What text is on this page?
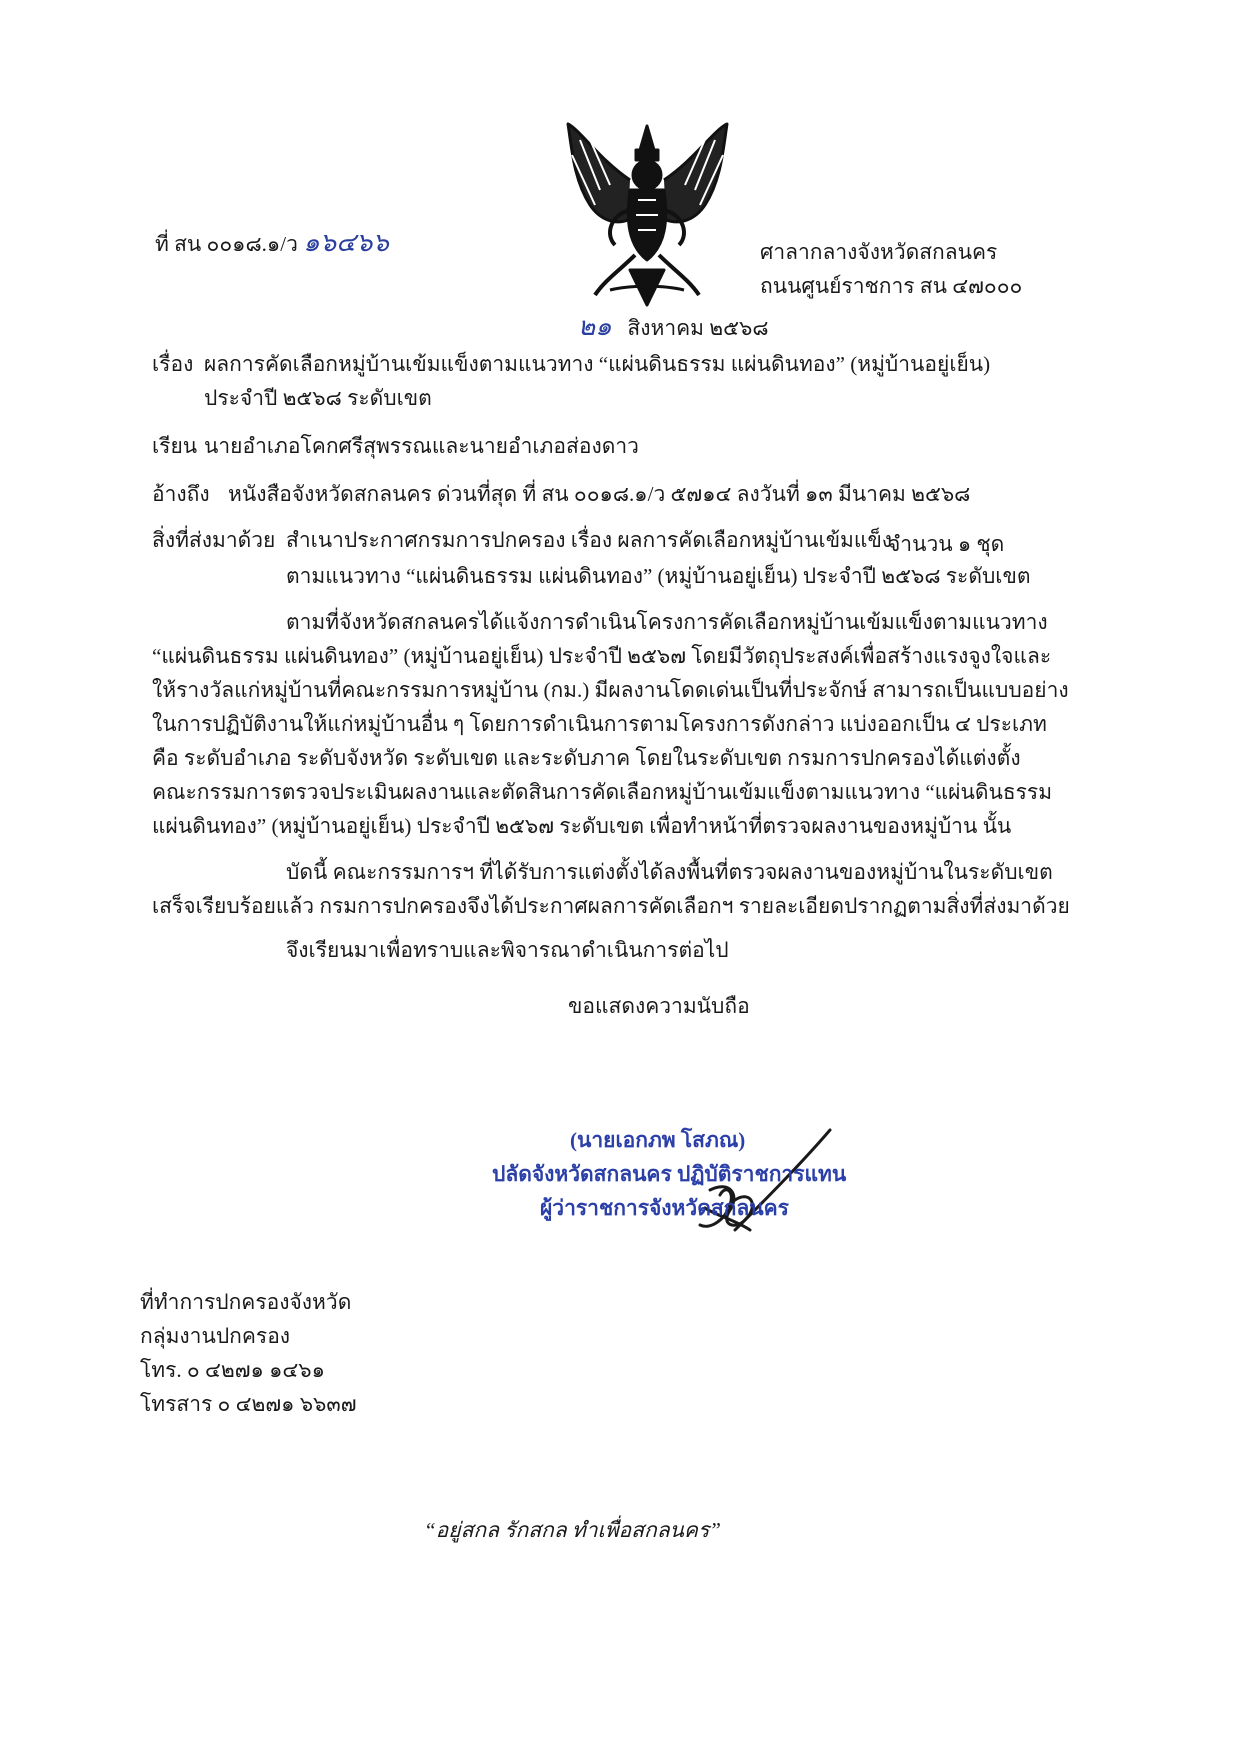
ที่ สน ๐๐๑๘.๑/ว ๑๖๔๖๖	ศาลากลางจังหวัดสกลนคร
ถนนศูนย์ราชการ สน ๔๗๐๐๐
๒๑ สิงหาคม ๒๕๖๘
เรื่อง ผลการคัดเลือกหมู่บ้านเข้มแข็งตามแนวทาง “แผ่นดินธรรม แผ่นดินทอง” (หมู่บ้านอยู่เย็น)
ประจำปี ๒๕๖๘ ระดับเขต
เรียน นายอำเภอโคกศรีสุพรรณและนายอำเภอส่องดาว
อ้างถึง หนังสือจังหวัดสกลนคร ด่วนที่สุด ที่ สน ๐๐๑๘.๑/ว ๕๗๑๔ ลงวันที่ ๑๓ มีนาคม ๒๕๖๘
สิ่งที่ส่งมาด้วย สำเนาประกาศกรมการปกครอง เรื่อง ผลการคัดเลือกหมู่บ้านเข้มแข็ง
จำนวน ๑ ชุด
ตามแนวทาง “แผ่นดินธรรม แผ่นดินทอง” (หมู่บ้านอยู่เย็น) ประจำปี ๒๕๖๘ ระดับเขต
ตามที่จังหวัดสกลนครได้แจ้งการดำเนินโครงการคัดเลือกหมู่บ้านเข้มแข็งตามแนวทาง
“แผ่นดินธรรม แผ่นดินทอง” (หมู่บ้านอยู่เย็น) ประจำปี ๒๕๖๗ โดยมีวัตถุประสงค์เพื่อสร้างแรงจูงใจและ
ให้รางวัลแก่หมู่บ้านที่คณะกรรมการหมู่บ้าน (กม.) มีผลงานโดดเด่นเป็นที่ประจักษ์ สามารถเป็นแบบอย่าง
ในการปฏิบัติงานให้แก่หมู่บ้านอื่น ๆ โดยการดำเนินการตามโครงการดังกล่าว แบ่งออกเป็น ๔ ประเภท
คือ ระดับอำเภอ ระดับจังหวัด ระดับเขต และระดับภาค โดยในระดับเขต กรมการปกครองได้แต่งตั้ง
คณะกรรมการตรวจประเมินผลงานและตัดสินการคัดเลือกหมู่บ้านเข้มแข็งตามแนวทาง “แผ่นดินธรรม
แผ่นดินทอง” (หมู่บ้านอยู่เย็น) ประจำปี ๒๕๖๗ ระดับเขต เพื่อทำหน้าที่ตรวจผลงานของหมู่บ้าน นั้น
บัดนี้ คณะกรรมการฯ ที่ได้รับการแต่งตั้งได้ลงพื้นที่ตรวจผลงานของหมู่บ้านในระดับเขต
เสร็จเรียบร้อยแล้ว กรมการปกครองจึงได้ประกาศผลการคัดเลือกฯ รายละเอียดปรากฏตามสิ่งที่ส่งมาด้วย
จึงเรียนมาเพื่อทราบและพิจารณาดำเนินการต่อไป
ขอแสดงความนับถือ
(นายเอกภพ โสภณ)
ปลัดจังหวัดสกลนคร ปฏิบัติราชการแทน
ผู้ว่าราชการจังหวัดสกลนคร
ที่ทำการปกครองจังหวัด
กลุ่มงานปกครอง
โทร. ๐ ๔๒๗๑ ๑๔๖๑
โทรสาร ๐ ๔๒๗๑ ๖๖๓๗
“อยู่สกล รักสกล ทำเพื่อสกลนคร”
